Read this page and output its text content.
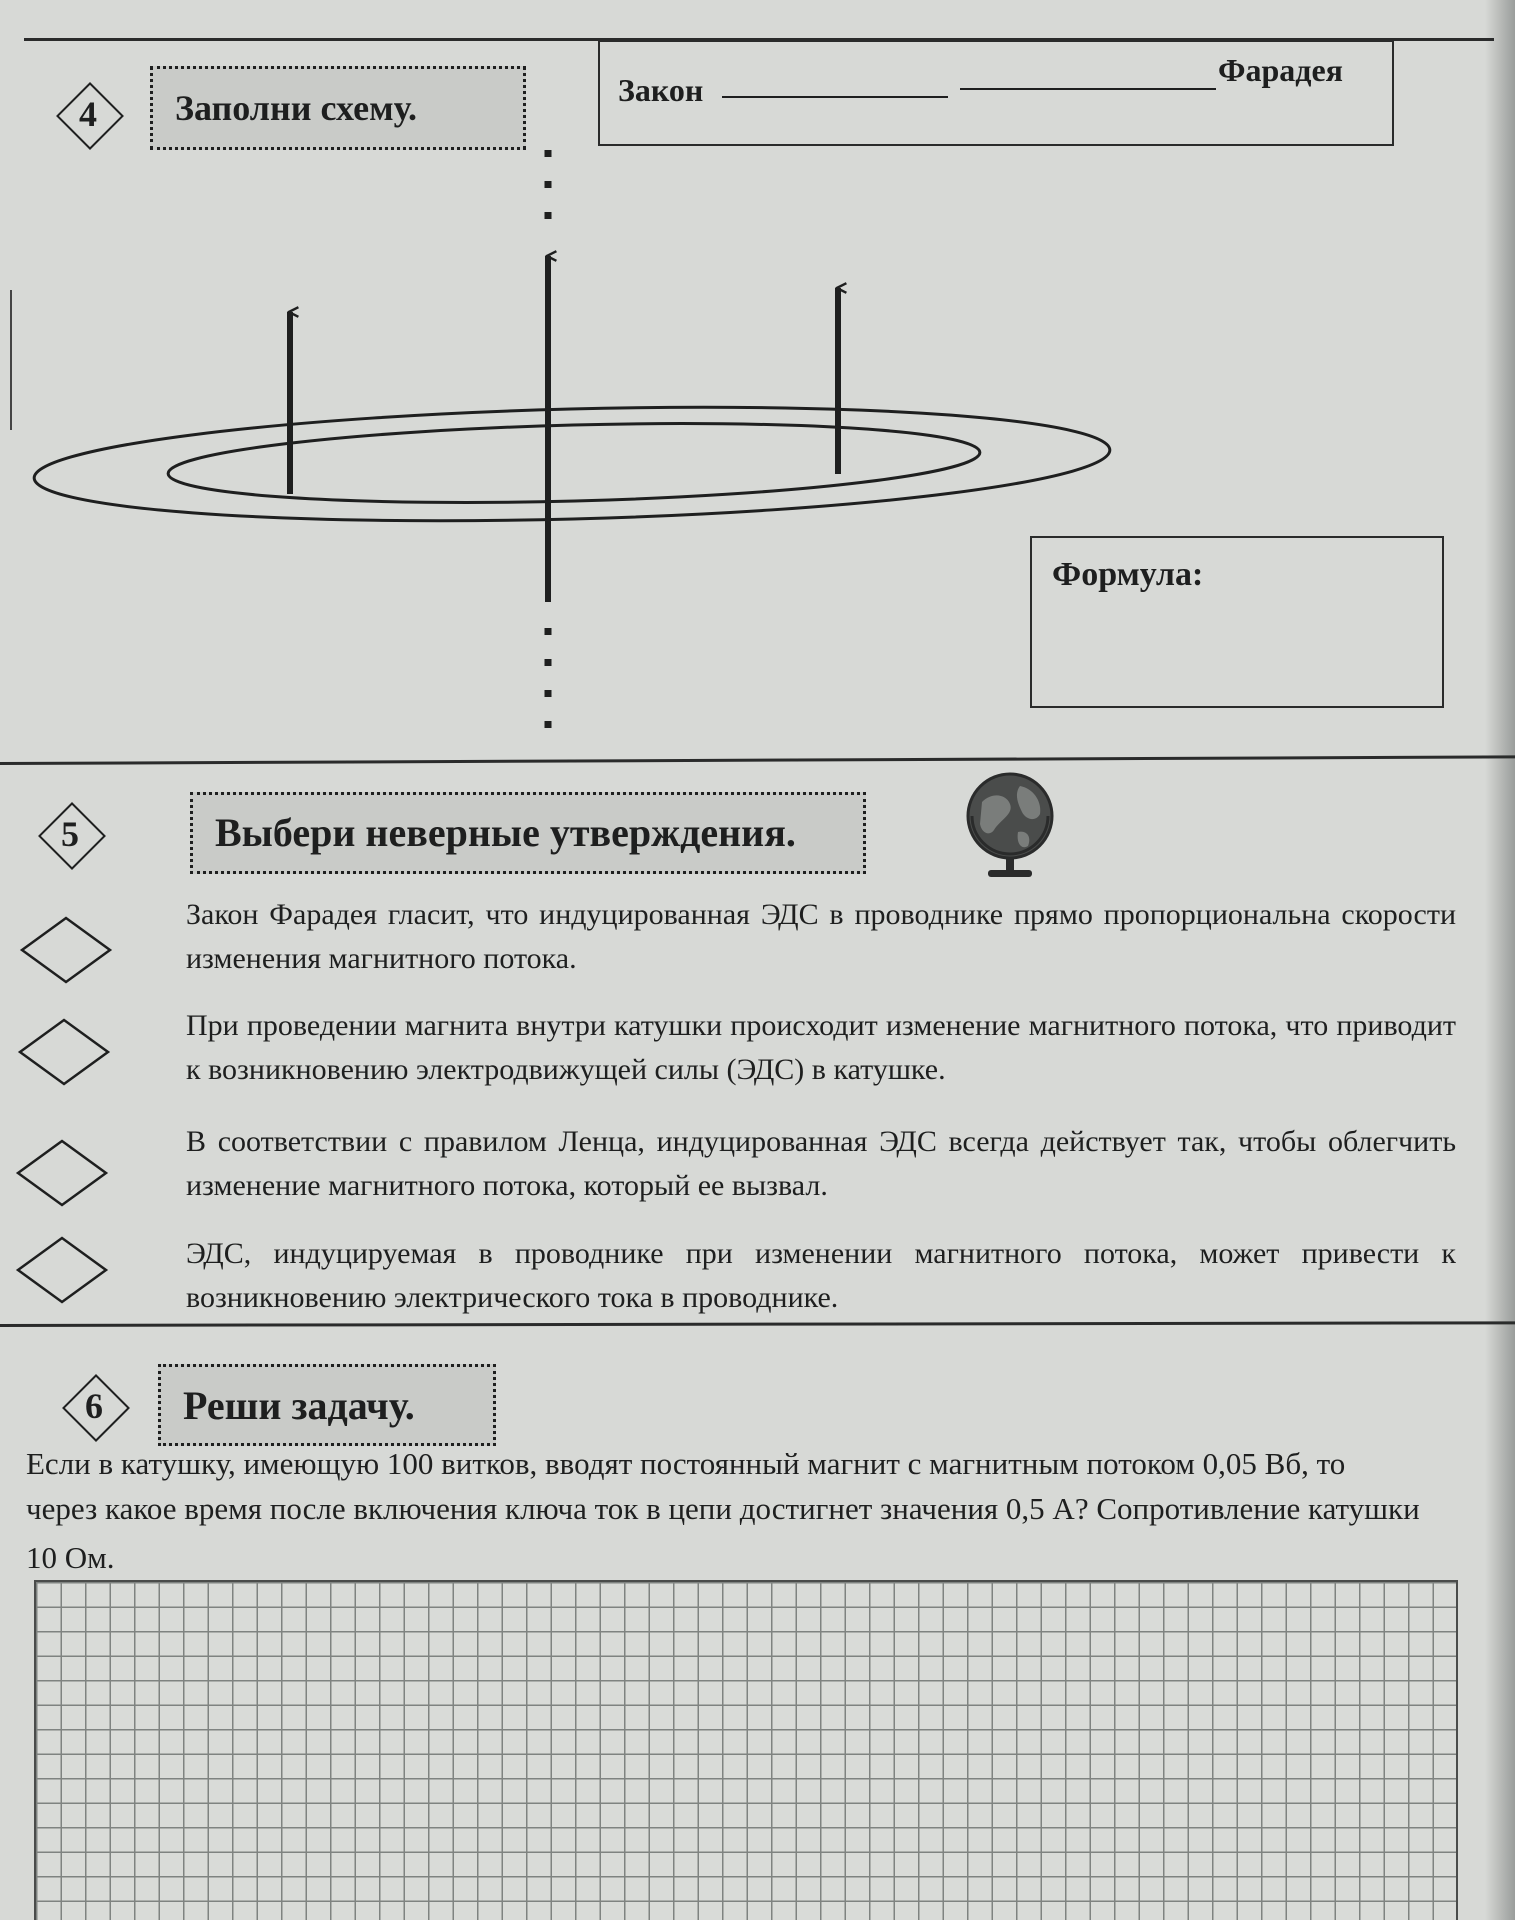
4	Заполни схему.	Закон
Фарадея
Формула:
5	Выбери неверные утверждения.
Закон Фарадея гласит, что индуцированная ЭДС в проводнике прямо пропорциональна скорости изменения магнитного потока.
При проведении магнита внутри катушки происходит изменение магнитного потока, что приводит к возникновению электродвижущей силы (ЭДС) в катушке.
В соответствии с правилом Ленца, индуцированная ЭДС всегда действует так, чтобы облегчить изменение магнитного потока, который ее вызвал.
ЭДС, индуцируемая в проводнике при изменении магнитного потока, может привести к возникновению электрического тока в проводнике.
6	Реши задачу.
Если в катушку, имеющую 100 витков, вводят постоянный магнит с магнитным потоком 0,05 Вб, то
через какое время после включения ключа ток в цепи достигнет значения 0,5 А? Сопротивление катушки
10 Ом.
